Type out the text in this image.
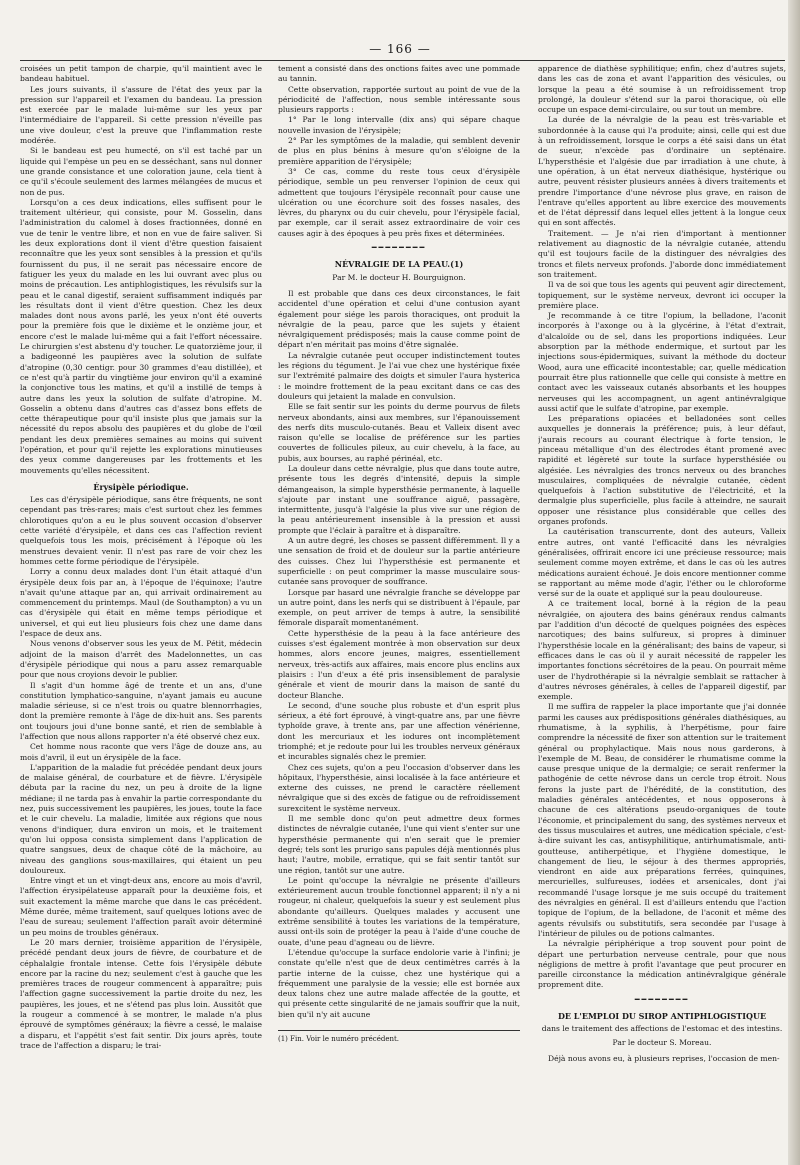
— 166 —

croisées un petit tampon de charpie, qu'il maintient avec le bandeau habituel.

Les jours suivants, il s'assure de l'état des yeux par la pression sur l'appareil et l'examen du bandeau. La pression est exercée par le malade lui-même sur les yeux par l'intermédiaire de l'appareil. Si cette pression n'éveille pas une vive douleur, c'est la preuve que l'inflammation reste modérée.

Si le bandeau est peu humecté, on s'il est taché par un liquide qui l'empèse un peu en se desséchant, sans nul donner une grande consistance et une coloration jaune, cela tient à ce qu'il s'écoule seulement des larmes mélangées de mucus et non de pus.

Lorsqu'on a ces deux indications, elles suffisent pour le traitement ultérieur, qui consiste, pour M. Gosselin, dans l'administration du calomel à doses fractionnées, donné en vue de tenir le ventre libre, et non en vue de faire saliver. Si les deux explorations dont il vient d'être question faisaient reconnaître que les yeux sont sensibles à la pression et qu'ils fournissent du pus, il ne serait pas nécessaire encore de fatiguer les yeux du malade en les lui ouvrant avec plus ou moins de précaution. Les antiphlogistiques, les révulsifs sur la peau et le canal digestif, seraient suffisamment indiqués par les résultats dont il vient d'être question. Chez les deux malades dont nous avons parlé, les yeux n'ont été ouverts pour la première fois que le dixième et le onzième jour, et encore c'est le malade lui-même qui a fait l'effort nécessaire. Le chirurgien s'est abstenu d'y toucher. Le quatorzième jour, il a badigeonné les paupières avec la solution de sulfate d'atropine (0,30 centigr. pour 30 grammes d'eau distillée), et ce n'est qu'à partir du vingtième jour environ qu'il a examiné la conjonctive tous les matins, et qu'il a instillé de temps à autre dans les yeux la solution de sulfate d'atropine. M. Gosselin a obtenu dans d'autres cas d'assez bons effets de cette thérapeutique pour qu'il insiste plus que jamais sur la nécessité du repos absolu des paupières et du globe de l'œil pendant les deux premières semaines au moins qui suivent l'opération, et pour qu'il rejette les explorations minutieuses des yeux comme dangereuses par les frottements et les mouvements qu'elles nécessitent.

Érysipèle périodique.

Les cas d'érysipèle périodique, sans être fréquents, ne sont cependant pas très-rares; mais c'est surtout chez les femmes chlorotiques qu'on a eu le plus souvent occasion d'observer cette variété d'érysipèle, et dans ces cas l'affection revient quelquefois tous les mois, précisément à l'époque où les menstrues devaient venir. Il n'est pas rare de voir chez les hommes cette forme périodique de l'érysipèle.

Lorry a connu deux malades dont l'un était attaqué d'un érysipèle deux fois par an, à l'époque de l'équinoxe; l'autre n'avait qu'une attaque par an, qui arrivait ordinairement au commencement du printemps. Maul (de Southampton) a vu un cas d'érysipèle qui était en même temps périodique et universel, et qui eut lieu plusieurs fois chez une dame dans l'espace de deux ans.

Nous venons d'observer sous les yeux de M. Pétit, médecin adjoint de la maison d'arrêt des Madelonnettes, un cas d'érysipèle périodique qui nous a paru assez remarquable pour que nous croyions devoir le publier.

Il s'agit d'un homme âgé de trente et un ans, d'une constitution lymphatico-sanguine, n'ayant jamais eu aucune maladie sérieuse, si ce n'est trois ou quatre blennorrhagies, dont la première remonte à l'âge de dix-huit ans. Ses parents ont toujours joui d'une bonne santé, et rien de semblable à l'affection que nous allons rapporter n'a été observé chez eux.

Cet homme nous raconte que vers l'âge de douze ans, au mois d'avril, il eut un érysipèle de la face.

L'apparition de la maladie fut précédée pendant deux jours de malaise général, de courbature et de fièvre. L'érysipèle débuta par la racine du nez, un peu à droite de la ligne médiane; il ne tarda pas à envahir la partie correspondante du nez, puis successivement les paupières, les joues, toute la face et le cuir chevelu. La maladie, limitée aux régions que nous venons d'indiquer, dura environ un mois, et le traitement qu'on lui opposa consista simplement dans l'application de quatre sangsues, deux de chaque côté de la mâchoire, au niveau des ganglions sous-maxillaires, qui étaient un peu douloureux.

Entre vingt et un et vingt-deux ans, encore au mois d'avril, l'affection érysipélateuse apparaît pour la deuxième fois, et suit exactement la même marche que dans le cas précédent. Même durée, même traitement, sauf quelques lotions avec de l'eau de sureau; seulement l'affection paraît avoir déterminé un peu moins de troubles généraux.

Le 20 mars dernier, troisième apparition de l'érysipèle, précédé pendant deux jours de fièvre, de courbature et de céphalalgie frontale intense. Cette fois l'érysipèle débute encore par la racine du nez; seulement c'est à gauche que les premières traces de rougeur commencent à apparaître; puis l'affection gagne successivement la partie droite du nez, les paupières, les joues, et ne s'étend pas plus loin. Aussitôt que la rougeur a commencé à se montrer, le malade n'a plus éprouvé de symptômes généraux; la fièvre a cessé, le malaise a disparu, et l'appétit s'est fait sentir. Dix jours après, toute trace de l'affection a disparu; le trai-

tement a consisté dans des onctions faites avec une pommade au tannin.

Cette observation, rapportée surtout au point de vue de la périodicité de l'affection, nous semble intéressante sous plusieurs rapports :

1° Par le long intervalle (dix ans) qui sépare chaque nouvelle invasion de l'érysipèle;

2° Par les symptômes de la maladie, qui semblent devenir de plus en plus bénins à mesure qu'on s'éloigne de la première apparition de l'érysipèle;

3° Ce cas, comme du reste tous ceux d'érysipèle périodique, semble un peu renverser l'opinion de ceux qui admettent que toujours l'érysipèle reconnaît pour cause une ulcération ou une écorchure soit des fosses nasales, des lèvres, du pharynx ou du cuir chevelu, pour l'érysipèle facial, par exemple, car il serait assez extraordinaire de voir ces causes agir à des époques à peu près fixes et déterminées.

━━━━━━━━

NÉVRALGIE DE LA PEAU.(1)

Par M. le docteur H. Bourguignon.

Il est probable que dans ces deux circonstances, le fait accidentel d'une opération et celui d'une contusion ayant également pour siége les parois thoraciques, ont produit la névralgie de la peau, parce que les sujets y étaient névralgiquement prédisposés; mais la cause comme point de départ n'en méritait pas moins d'être signalée.

La névralgie cutanée peut occuper indistinctement toutes les régions du tégument. Je l'ai vue chez une hystérique fixée sur l'extrémité palmaire des doigts et simuler l'aura hysterica : le moindre frottement de la peau excitant dans ce cas des douleurs qui jetaient la malade en convulsion.

Elle se fait sentir sur les points du derme pourvus de filets nerveux abondants, ainsi aux membres, sur l'épanouissement des nerfs dits musculo-cutanés. Beau et Valleix disent avec raison qu'elle se localise de préférence sur les parties couvertes de follicules pileux, au cuir chevelu, à la face, au pubis, aux bourses, au raphé périnéal, etc.

La douleur dans cette névralgie, plus que dans toute autre, présente tous les degrés d'intensité, depuis la simple démangeaison, la simple hypersthésie permanente, à laquelle s'ajoute par instant une souffrance aiguë, passagère, intermittente, jusqu'à l'algésie la plus vive sur une région de la peau antérieurement insensible à la pression et aussi prompte que l'éclair à paraître et à disparaître.

A un autre degré, les choses se passent différemment. Il y a une sensation de froid et de douleur sur la partie antérieure des cuisses. Chez lui l'hypersthésie est permanente et superficielle : on peut comprimer la masse musculaire sous-cutanée sans provoquer de souffrance.

Lorsque par hasard une névralgie franche se développe par un autre point, dans les nerfs qui se distribuent à l'épaule, par exemple, on peut arriver de temps à autre, la sensibilité fémorale disparaît momentanément.

Cette hypersthésie de la peau à la face antérieure des cuisses s'est également montrée à mon observation sur deux hommes, alors encore jeunes, maigres, essentiellement nerveux, très-actifs aux affaires, mais encore plus enclins aux plaisirs : l'un d'eux a été pris insensiblement de paralysie générale et vient de mourir dans la maison de santé du docteur Blanche.

Le second, d'une souche plus robuste et d'un esprit plus sérieux, a été fort éprouvé, à vingt-quatre ans, par une fièvre typhoïde grave, à trente ans, par une affection vénérienne, dont les mercuriaux et les iodures ont incomplètement triomphé; et je redoute pour lui les troubles nerveux généraux et incurables signalés chez le premier.

Chez ces sujets, qu'on a peu l'occasion d'observer dans les hôpitaux, l'hypersthésie, ainsi localisée à la face antérieure et externe des cuisses, ne prend le caractère réellement névralgique que si des excès de fatigue ou de refroidissement surexcitent le système nerveux.

Il me semble donc qu'on peut admettre deux formes distinctes de névralgie cutanée, l'une qui vient s'enter sur une hypersthésie permanente qui n'en serait que le premier degré; tels sont les prurigo sans papules déjà mentionnés plus haut; l'autre, mobile, erratique, qui se fait sentir tantôt sur une région, tantôt sur une autre.

Le point qu'occupe la névralgie ne présente d'ailleurs extérieurement aucun trouble fonctionnel apparent; il n'y a ni rougeur, ni chaleur, quelquefois la sueur y est seulement plus abondante qu'ailleurs. Quelques malades y accusent une extrême sensibilité à toutes les variations de la température, aussi ont-ils soin de protéger la peau à l'aide d'une couche de ouate, d'une peau d'agneau ou de lièvre.

L'étendue qu'occupe la surface endolorie varie à l'infini; je constate qu'elle n'est que de deux centimètres carrés à la partie interne de la cuisse, chez une hystérique qui a fréquemment une paralysie de la vessie; elle est bornée aux deux talons chez une autre malade affectée de la goutte, et qui présente cette singularité de ne jamais souffrir que la nuit, bien qu'il n'y ait aucune

(1) Fin. Voir le numéro précédent.

apparence de diathèse syphilitique; enfin, chez d'autres sujets, dans les cas de zona et avant l'apparition des vésicules, ou lorsque la peau a été soumise à un refroidissement trop prolongé, la douleur s'étend sur la paroi thoracique, où elle occupe un espace demi-circulaire, ou sur tout un membre.

La durée de la névralgie de la peau est très-variable et subordonnée à la cause qui l'a produite; ainsi, celle qui est due à un refroidissement, lorsque le corps a été saisi dans un état de sueur, n'excède pas d'ordinaire un septénaire. L'hypersthésie et l'algésie due par irradiation à une chute, à une opération, à un état nerveux diathésique, hystérique ou autre, peuvent résister plusieurs années à divers traitements et prendre l'importance d'une névrose plus grave, en raison de l'entrave qu'elles apportent au libre exercice des mouvements et de l'état dépressif dans lequel elles jettent à la longue ceux qui en sont affectés.

Traitement. — Je n'ai rien d'important à mentionner relativement au diagnostic de la névralgie cutanée, attendu qu'il est toujours facile de la distinguer des névralgies des troncs et filets nerveux profonds. J'aborde donc immédiatement son traitement.

Il va de soi que tous les agents qui peuvent agir directement, topiquement, sur le système nerveux, devront ici occuper la première place.

Je recommande à ce titre l'opium, la belladone, l'aconit incorporés à l'axonge ou à la glycérine, à l'état d'extrait, d'alcaloïde ou de sel, dans les proportions indiquées. Leur absorption par la méthode endermique, et surtout par les injections sous-épidermiques, suivant la méthode du docteur Wood, aura une efficacité incontestable; car, quelle médication pourrait être plus rationnelle que celle qui consiste à mettre en contact avec les vaisseaux cutanés absorbants et les houppes nerveuses qui les accompagnent, un agent antinévralgique aussi actif que le sulfate d'atropine, par exemple.

Les préparations opiacées et belladonées sont celles auxquelles je donnerais la préférence; puis, à leur défaut, j'aurais recours au courant électrique à forte tension, le pinceau métallique d'un des électrodes étant promené avec rapidité et légèreté sur toute la surface hypersthésiée ou algésiée. Les névralgies des troncs nerveux ou des branches musculaires, compliquées de névralgie cutanée, cèdent quelquefois à l'action substitutive de l'électricité, et la dermalgie plus superficielle, plus facile à atteindre, ne saurait opposer une résistance plus considérable que celles des organes profonds.

La cautérisation transcurrente, dont des auteurs, Valleix entre autres, ont vanté l'efficacité dans les névralgies généralisées, offrirait encore ici une précieuse ressource; mais seulement comme moyen extrême, et dans le cas où les autres médications auraient échoué. Je dois encore mentionner comme se rapportant au même mode d'agir, l'éther ou le chloroforme versé sur de la ouate et appliqué sur la peau douloureuse.

A ce traitement local, borné à la région de la peau névralgiée, on ajoutera des bains généraux rendus calmants par l'addition d'un décocté de quelques poignées des espèces narcotiques; des bains sulfureux, si propres à diminuer l'hypersthésie locale en la généralisant; des bains de vapeur, si efficaces dans le cas où il y aurait nécessité de rappeler les importantes fonctions sécrétoires de la peau. On pourrait même user de l'hydrothérapie si la névralgie semblait se rattacher à d'autres névroses générales, à celles de l'appareil digestif, par exemple.

Il me suffira de rappeler la place importante que j'ai donnée parmi les causes aux prédispositions générales diathésiques, au rhumatisme, à la syphilis, à l'herpétisme, pour faire comprendre la nécessité de fixer son attention sur le traitement général ou prophylactique. Mais nous nous garderons, à l'exemple de M. Beau, de considérer le rhumatisme comme la cause presque unique de la dermalgie; ce serait renfermer la pathogénie de cette névrose dans un cercle trop étroit. Nous ferons la juste part de l'hérédité, de la constitution, des maladies générales antécédentes, et nous opposerons à chacune de ces altérations pseudo-organiques de toute l'économie, et principalement du sang, des systèmes nerveux et des tissus musculaires et autres, une médication spéciale, c'est-à-dire suivant les cas, antisyphilitique, antirhumatismale, anti-goutteuse, antiherpétique, et l'hygiène domestique, le changement de lieu, le séjour à des thermes appropriés, viendront en aide aux préparations ferrées, quinquines, mercurielles, sulfureuses, iodées et arsenicales, dont j'ai recommandé l'usage lorsque je me suis occupé du traitement des névralgies en général. Il est d'ailleurs entendu que l'action topique de l'opium, de la belladone, de l'aconit et même des agents révulsifs ou substitutifs, sera secondée par l'usage à l'intérieur de pilules ou de potions calmantes.

La névralgie périphérique a trop souvent pour point de départ une perturbation nerveuse centrale, pour que nous négligions de mettre à profit l'avantage que peut procurer en pareille circonstance la médication antinévralgique générale proprement dite.

━━━━━━━━

DE L'EMPLOI DU SIROP ANTIPHLOGISTIQUE

dans le traitement des affections de l'estomac et des intestins.

Par le docteur S. Moreau.

Déjà nous avons eu, à plusieurs reprises, l'occasion de men-
